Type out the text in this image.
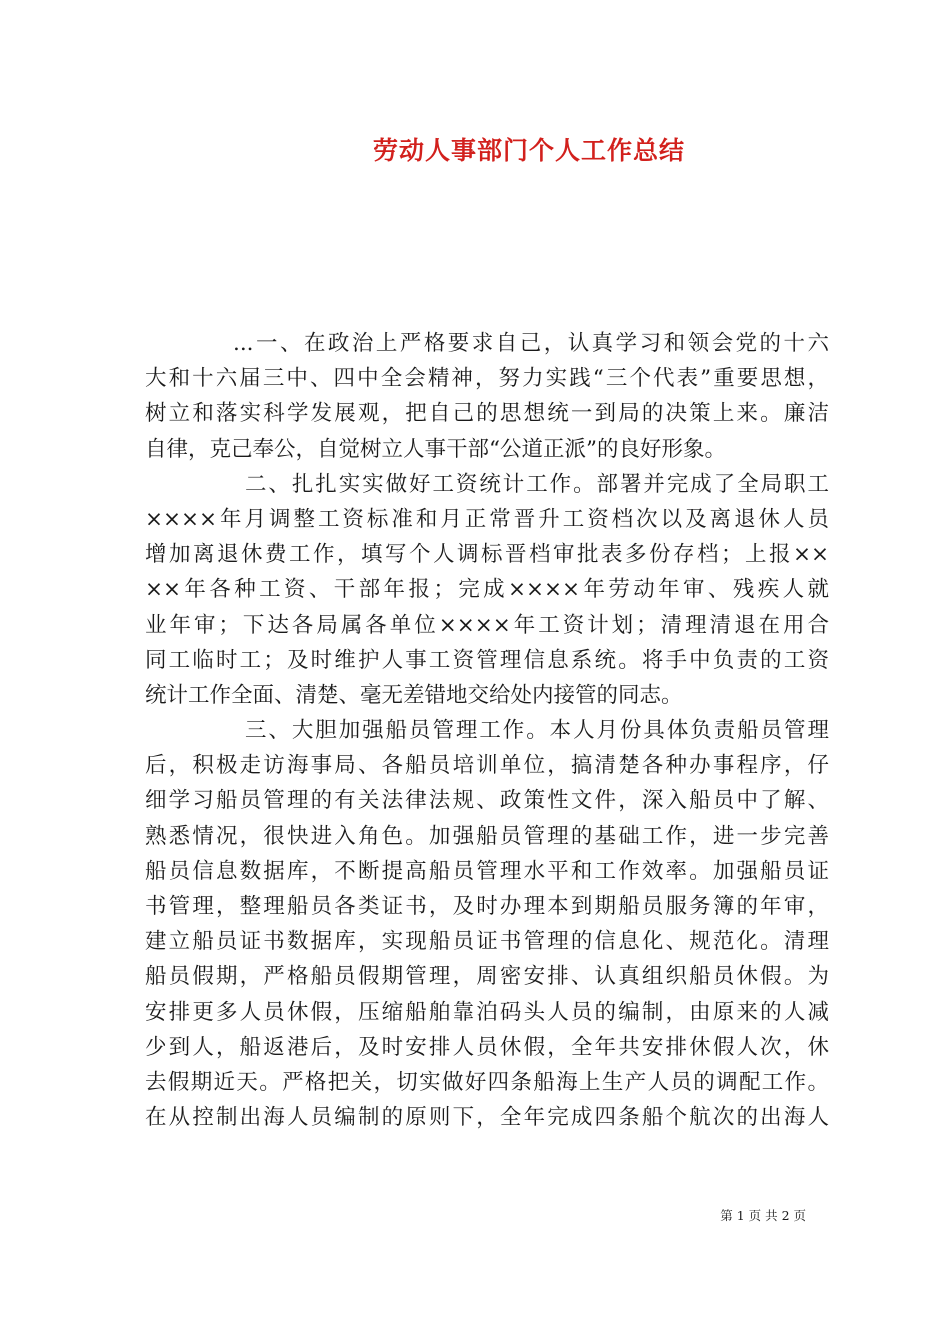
劳动人事部门个人工作总结
...一、在政治上严格要求自己，认真学习和领会党的十六
大和十六届三中、四中全会精神，努力实践“三个代表”重要思想，
树立和落实科学发展观，把自己的思想统一到局的决策上来。廉洁
自律，克己奉公，自觉树立人事干部“公道正派”的良好形象。
二、扎扎实实做好工资统计工作。部署并完成了全局职工
××××年月调整工资标准和月正常晋升工资档次以及离退休人员
增加离退休费工作，填写个人调标晋档审批表多份存档；上报××
××年各种工资、干部年报；完成××××年劳动年审、残疾人就
业年审；下达各局属各单位××××年工资计划；清理清退在用合
同工临时工；及时维护人事工资管理信息系统。将手中负责的工资
统计工作全面、清楚、毫无差错地交给处内接管的同志。
三、大胆加强船员管理工作。本人月份具体负责船员管理
后，积极走访海事局、各船员培训单位，搞清楚各种办事程序，仔
细学习船员管理的有关法律法规、政策性文件，深入船员中了解、
熟悉情况，很快进入角色。加强船员管理的基础工作，进一步完善
船员信息数据库，不断提高船员管理水平和工作效率。加强船员证
书管理，整理船员各类证书，及时办理本到期船员服务簿的年审，
建立船员证书数据库，实现船员证书管理的信息化、规范化。清理
船员假期，严格船员假期管理，周密安排、认真组织船员休假。为
安排更多人员休假，压缩船舶靠泊码头人员的编制，由原来的人减
少到人，船返港后，及时安排人员休假，全年共安排休假人次，休
去假期近天。严格把关，切实做好四条船海上生产人员的调配工作。
在从控制出海人员编制的原则下，全年完成四条船个航次的出海人
第 1 页 共 2 页
